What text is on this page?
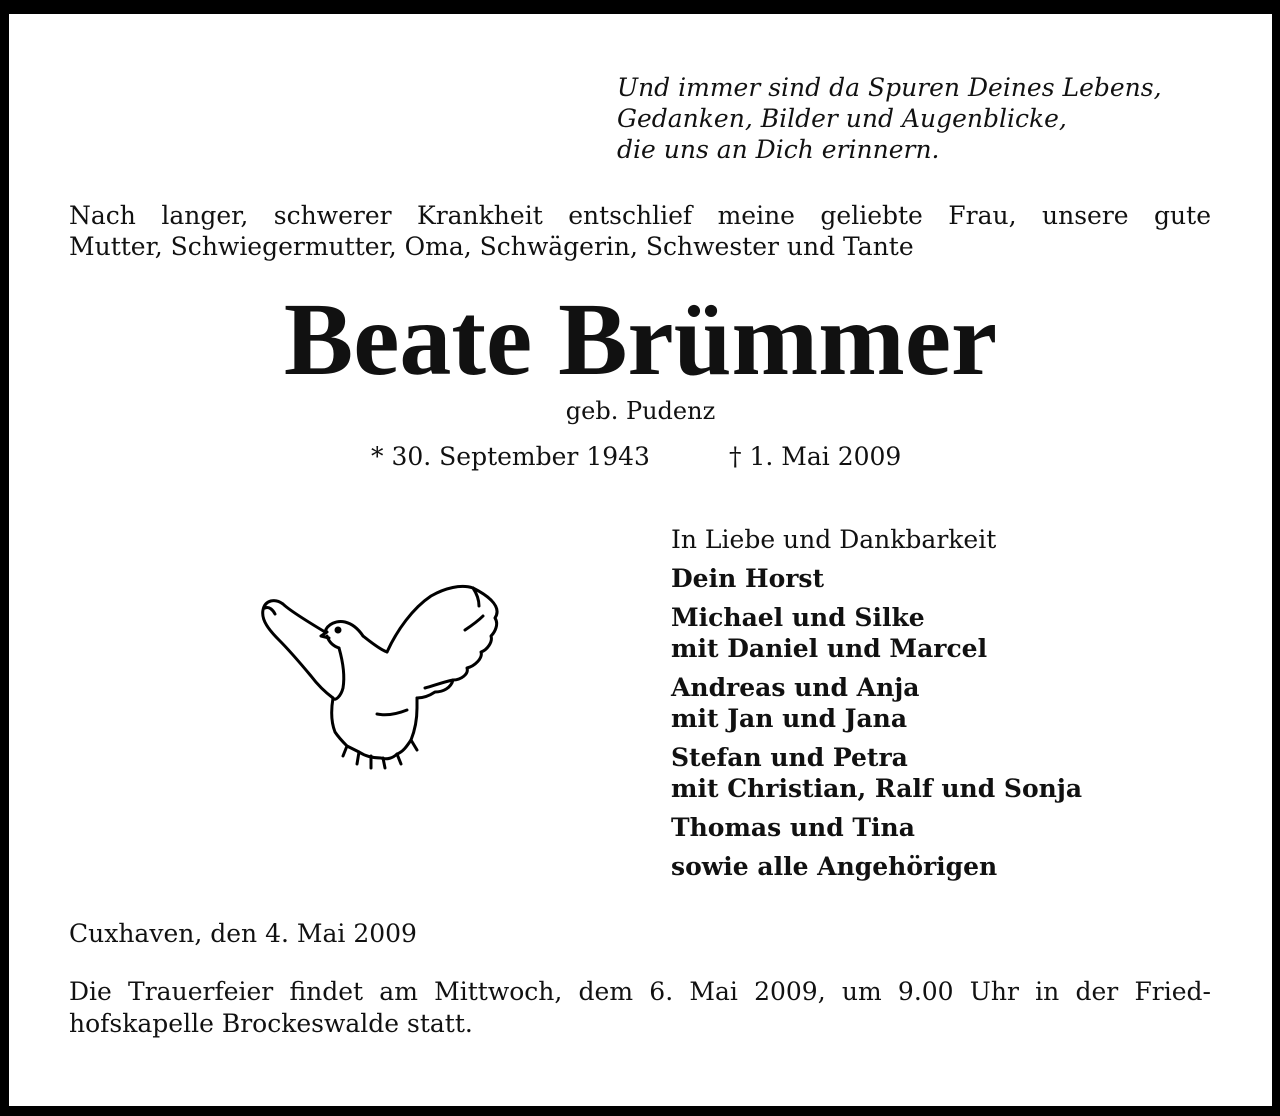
Und immer sind da Spuren Deines Lebens,
Gedanken, Bilder und Augenblicke,
die uns an Dich erinnern.
Nach langer, schwerer Krankheit entschlief meine geliebte Frau, unsere gute
Mutter, Schwiegermutter, Oma, Schwägerin, Schwester und Tante
Beate Brümmer
geb. Pudenz
* 30. September 1943	† 1. Mai 2009
In Liebe und Dankbarkeit
Dein Horst
Michael und Silke
mit Daniel und Marcel
Andreas und Anja
mit Jan und Jana
Stefan und Petra
mit Christian, Ralf und Sonja
Thomas und Tina
sowie alle Angehörigen
Cuxhaven, den 4. Mai 2009
Die Trauerfeier findet am Mittwoch, dem 6. Mai 2009, um 9.00 Uhr in der Fried-
hofskapelle Brockeswalde statt.
